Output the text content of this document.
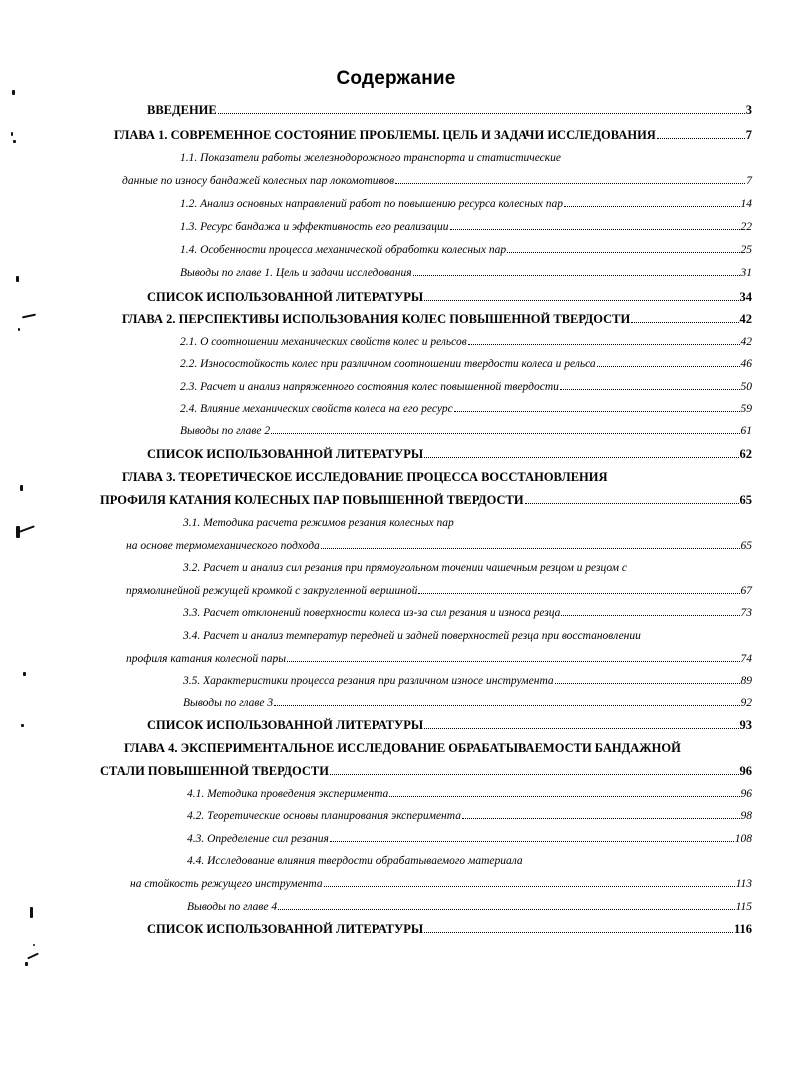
Содержание
ВВЕДЕНИЕ	3
ГЛАВА 1. СОВРЕМЕННОЕ СОСТОЯНИЕ ПРОБЛЕМЫ. ЦЕЛЬ И ЗАДАЧИ ИССЛЕДОВАНИЯ	7
1.1. Показатели работы железнодорожного транспорта и статистические
данные по износу бандажей колесных пар локомотивов	7
1.2. Анализ основных направлений работ по повышению ресурса колесных пар	14
1.3. Ресурс бандажа и эффективность его реализации	22
1.4. Особенности процесса механической обработки колесных пар	25
Выводы по главе 1. Цель и задачи исследования	31
СПИСОК ИСПОЛЬЗОВАННОЙ ЛИТЕРАТУРЫ	34
ГЛАВА 2. ПЕРСПЕКТИВЫ ИСПОЛЬЗОВАНИЯ КОЛЕС ПОВЫШЕННОЙ ТВЕРДОСТИ	42
2.1. О соотношении механических свойств колес и рельсов	42
2.2. Износостойкость колес при различном соотношении твердости колеса и рельса	46
2.3. Расчет и анализ напряженного состояния колес повышенной твердости	50
2.4. Влияние механических свойств колеса на его ресурс	59
Выводы по главе 2	61
СПИСОК ИСПОЛЬЗОВАННОЙ ЛИТЕРАТУРЫ	62
ГЛАВА 3. ТЕОРЕТИЧЕСКОЕ ИССЛЕДОВАНИЕ ПРОЦЕССА ВОССТАНОВЛЕНИЯ
ПРОФИЛЯ КАТАНИЯ КОЛЕСНЫХ ПАР ПОВЫШЕННОЙ ТВЕРДОСТИ	65
3.1. Методика расчета режимов резания колесных пар
на основе термомеханического подхода	65
3.2. Расчет и анализ сил резания при прямоугольном точении чашечным резцом и резцом с
прямолинейной режущей кромкой с закругленной вершиной	67
3.3. Расчет отклонений поверхности колеса из-за сил резания и износа резца	73
3.4. Расчет и анализ температур передней и задней поверхностей резца при восстановлении
профиля катания колесной пары	74
3.5. Характеристики процесса резания при различном износе инструмента	89
Выводы по главе 3	92
СПИСОК ИСПОЛЬЗОВАННОЙ ЛИТЕРАТУРЫ	93
ГЛАВА 4. ЭКСПЕРИМЕНТАЛЬНОЕ ИССЛЕДОВАНИЕ ОБРАБАТЫВАЕМОСТИ БАНДАЖНОЙ
СТАЛИ ПОВЫШЕННОЙ ТВЕРДОСТИ	96
4.1. Методика проведения эксперимента	96
4.2. Теоретические основы планирования эксперимента	98
4.3. Определение сил резания	108
4.4. Исследование влияния твердости обрабатываемого материала
на стойкость режущего инструмента	113
Выводы по главе 4	115
СПИСОК ИСПОЛЬЗОВАННОЙ ЛИТЕРАТУРЫ	116
